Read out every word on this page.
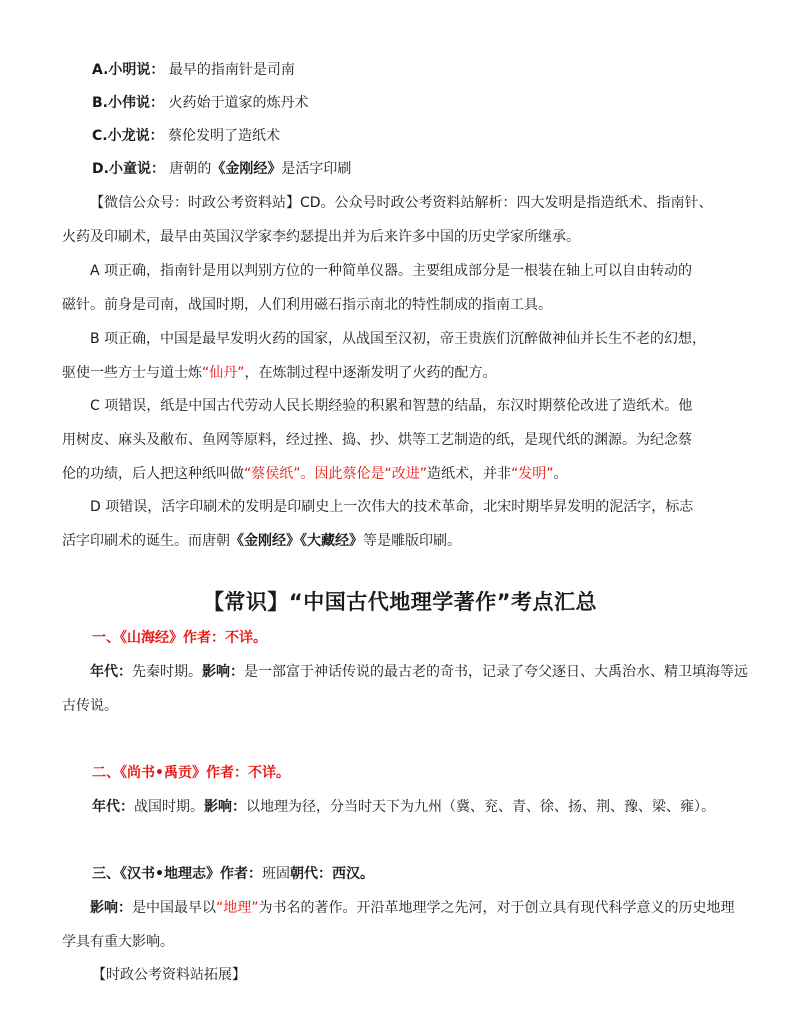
A.小明说： 最早的指南针是司南
B.小伟说： 火药始于道家的炼丹术
C.小龙说： 蔡伦发明了造纸术
D.小童说： 唐朝的《金刚经》是活字印刷
【微信公众号：时政公考资料站】CD。公众号时政公考资料站解析：四大发明是指造纸术、指南针、
火药及印刷术，最早由英国汉学家李约瑟提出并为后来许多中国的历史学家所继承。
A 项正确，指南针是用以判别方位的一种简单仪器。主要组成部分是一根装在轴上可以自由转动的
磁针。前身是司南，战国时期，人们利用磁石指示南北的特性制成的指南工具。
B 项正确，中国是最早发明火药的国家，从战国至汉初，帝王贵族们沉醉做神仙并长生不老的幻想，
驱使一些方士与道士炼“仙丹”，在炼制过程中逐渐发明了火药的配方。
C 项错误，纸是中国古代劳动人民长期经验的积累和智慧的结晶，东汉时期蔡伦改进了造纸术。他
用树皮、麻头及敝布、鱼网等原料，经过挫、捣、抄、烘等工艺制造的纸，是现代纸的渊源。为纪念蔡
伦的功绩，后人把这种纸叫做“蔡侯纸”。因此蔡伦是“改进”造纸术，并非“发明”。
D 项错误，活字印刷术的发明是印刷史上一次伟大的技术革命，北宋时期毕昇发明的泥活字，标志
活字印刷术的诞生。而唐朝《金刚经》《大藏经》等是雕版印刷。
【常识】“中国古代地理学著作”考点汇总
一、《山海经》作者：不详。
年代：先秦时期。影响：是一部富于神话传说的最古老的奇书，记录了夸父逐日、大禹治水、精卫填海等远
古传说。
二、《尚书•禹贡》作者：不详。
年代：战国时期。影响：以地理为径，分当时天下为九州（冀、兖、青、徐、扬、荆、豫、梁、雍）。
三、《汉书•地理志》作者：班固朝代：西汉。
影响：是中国最早以“地理”为书名的著作。开沿革地理学之先河，对于创立具有现代科学意义的历史地理
学具有重大影响。
【时政公考资料站拓展】
